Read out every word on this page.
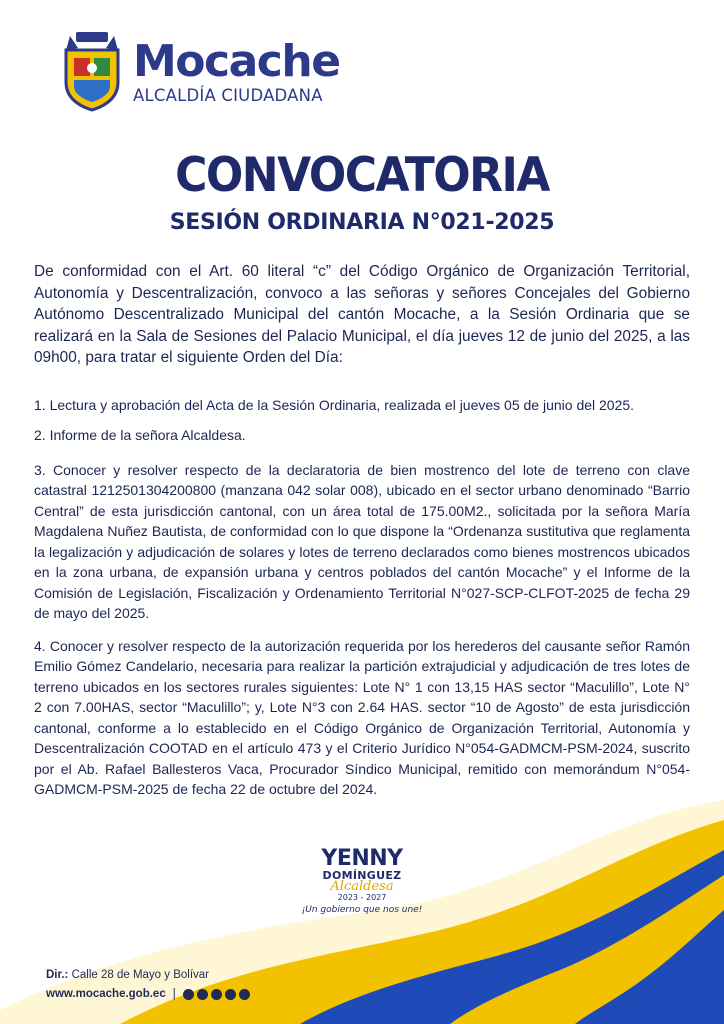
Mocache
ALCALDÍA CIUDADANA
CONVOCATORIA
SESIÓN ORDINARIA N°021-2025

De conformidad con el Art. 60 literal “c” del Código Orgánico de Organización Territorial, Autonomía y Descentralización, convoco a las señoras y señores Concejales del Gobierno Autónomo Descentralizado Municipal del cantón Mocache, a la Sesión Ordinaria que se realizará en la Sala de Sesiones del Palacio Municipal, el día jueves 12 de junio del 2025, a las 09h00, para tratar el siguiente Orden del Día:

1. Lectura y aprobación del Acta de la Sesión Ordinaria, realizada el jueves 05 de junio del 2025.

2. Informe de la señora Alcaldesa.

3. Conocer y resolver respecto de la declaratoria de bien mostrenco del lote de terreno con clave catastral 1212501304200800 (manzana 042 solar 008), ubicado en el sector urbano denominado “Barrio Central” de esta jurisdicción cantonal, con un área total de 175.00M2., solicitada por la señora María Magdalena Nuñez Bautista, de conformidad con lo que dispone la “Ordenanza sustitutiva que reglamenta la legalización y adjudicación de solares y lotes de terreno declarados como bienes mostrencos ubicados en la zona urbana, de expansión urbana y centros poblados del cantón Mocache” y el Informe de la Comisión de Legislación, Fiscalización y Ordenamiento Territorial N°027-SCP-CLFOT-2025 de fecha 29 de mayo del 2025.

4. Conocer y resolver respecto de la autorización requerida por los herederos del causante señor Ramón Emilio Gómez Candelario, necesaria para realizar la partición extrajudicial y adjudicación de tres lotes de terreno ubicados en los sectores rurales siguientes: Lote N° 1 con 13,15 HAS sector “Maculillo”, Lote N° 2 con 7.00HAS, sector “Maculillo”; y, Lote N°3 con 2.64 HAS. sector “10 de Agosto” de esta jurisdicción cantonal, conforme a lo establecido en el Código Orgánico de Organización Territorial, Autonomía y Descentralización COOTAD en el artículo 473 y el Criterio Jurídico N°054-GADMCM-PSM-2024, suscrito por el Ab. Rafael Ballesteros Vaca, Procurador Síndico Municipal, remitido con memorándum N°054-GADMCM-PSM-2025 de fecha 22 de octubre del 2024.

YENNY
DOMÍNGUEZ
Alcaldesa
2023 - 2027
¡Un gobierno que nos une!
Dir.: Calle 28 de Mayo y Bolívar
www.mocache.gob.ec |
